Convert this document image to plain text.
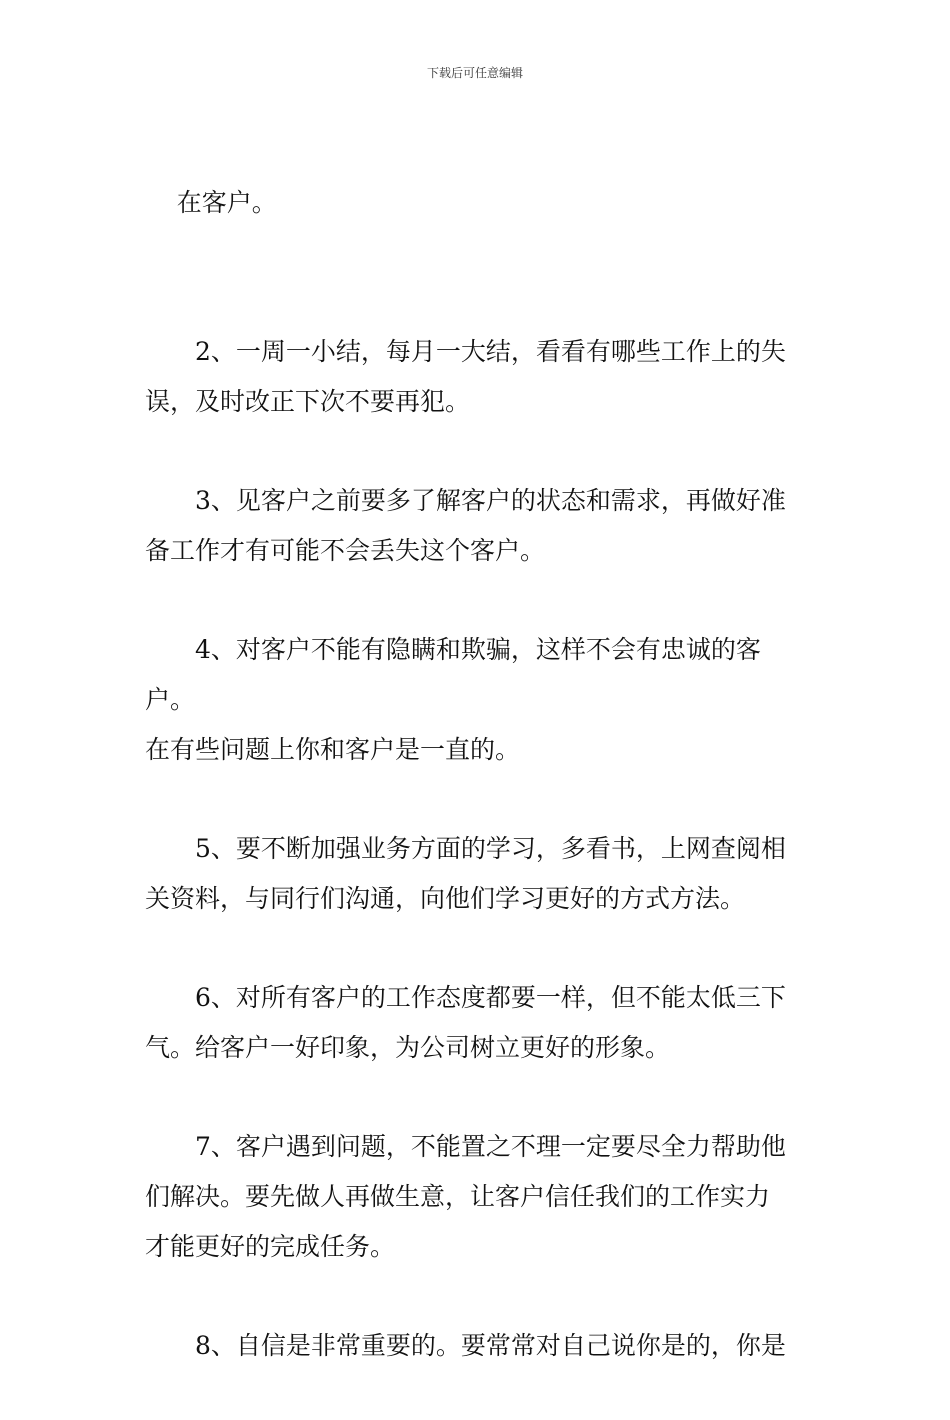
下载后可任意编辑

在客户。

2、一周一小结，每月一大结，看看有哪些工作上的失
误，及时改正下次不要再犯。

3、见客户之前要多了解客户的状态和需求，再做好准
备工作才有可能不会丢失这个客户。

4、对客户不能有隐瞒和欺骗，这样不会有忠诚的客户。
在有些问题上你和客户是一直的。

5、要不断加强业务方面的学习，多看书，上网查阅相
关资料，与同行们沟通，向他们学习更好的方式方法。

6、对所有客户的工作态度都要一样，但不能太低三下
气。给客户一好印象，为公司树立更好的形象。

7、客户遇到问题，不能置之不理一定要尽全力帮助他
们解决。要先做人再做生意，让客户信任我们的工作实力
才能更好的完成任务。

8、自信是非常重要的。要常常对自己说你是的，你是
